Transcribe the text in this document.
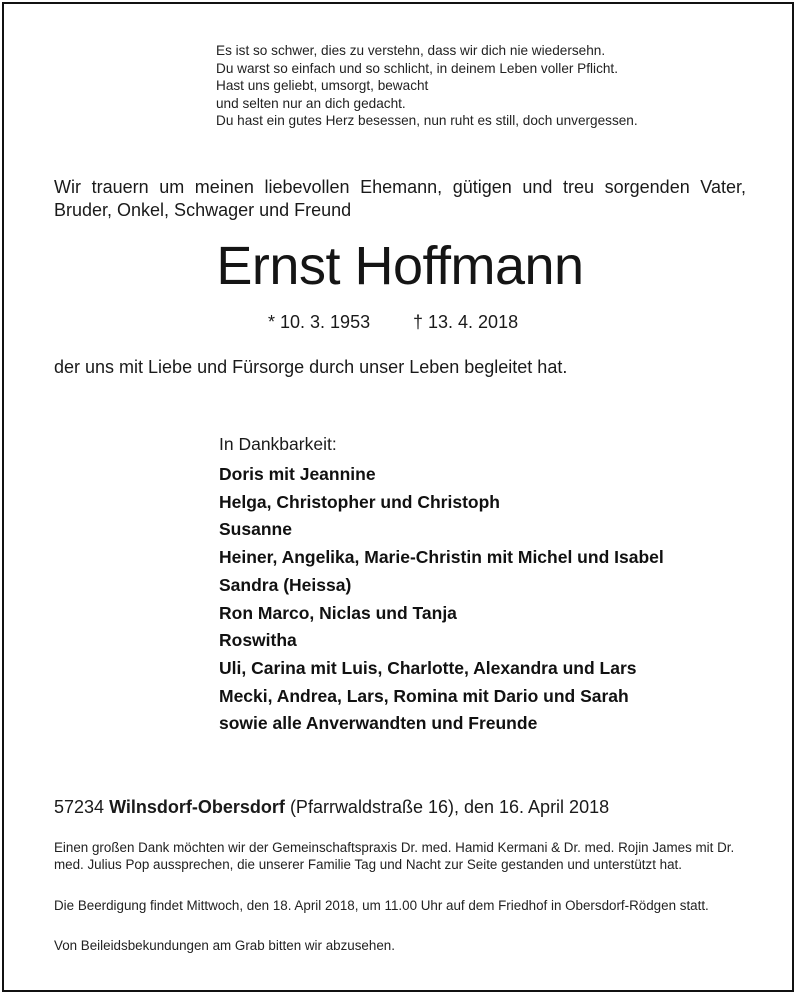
Es ist so schwer, dies zu verstehn, dass wir dich nie wiedersehn.
Du warst so einfach und so schlicht, in deinem Leben voller Pflicht.
Hast uns geliebt, umsorgt, bewacht
und selten nur an dich gedacht.
Du hast ein gutes Herz besessen, nun ruht es still, doch unvergessen.
Wir trauern um meinen liebevollen Ehemann, gütigen und treu sorgenden Vater, Bruder, Onkel, Schwager und Freund
Ernst Hoffmann
* 10. 3. 1953 † 13. 4. 2018
der uns mit Liebe und Fürsorge durch unser Leben begleitet hat.
In Dankbarkeit:
Doris mit Jeannine
Helga, Christopher und Christoph
Susanne
Heiner, Angelika, Marie-Christin mit Michel und Isabel
Sandra (Heissa)
Ron Marco, Niclas und Tanja
Roswitha
Uli, Carina mit Luis, Charlotte, Alexandra und Lars
Mecki, Andrea, Lars, Romina mit Dario und Sarah
sowie alle Anverwandten und Freunde
57234 Wilnsdorf-Obersdorf (Pfarrwaldstraße 16), den 16. April 2018
Einen großen Dank möchten wir der Gemeinschaftspraxis Dr. med. Hamid Kermani & Dr. med. Rojin James mit Dr. med. Julius Pop aussprechen, die unserer Familie Tag und Nacht zur Seite gestanden und unterstützt hat.
Die Beerdigung findet Mittwoch, den 18. April 2018, um 11.00 Uhr auf dem Friedhof in Obersdorf-Rödgen statt.
Von Beileidsbekundungen am Grab bitten wir abzusehen.
